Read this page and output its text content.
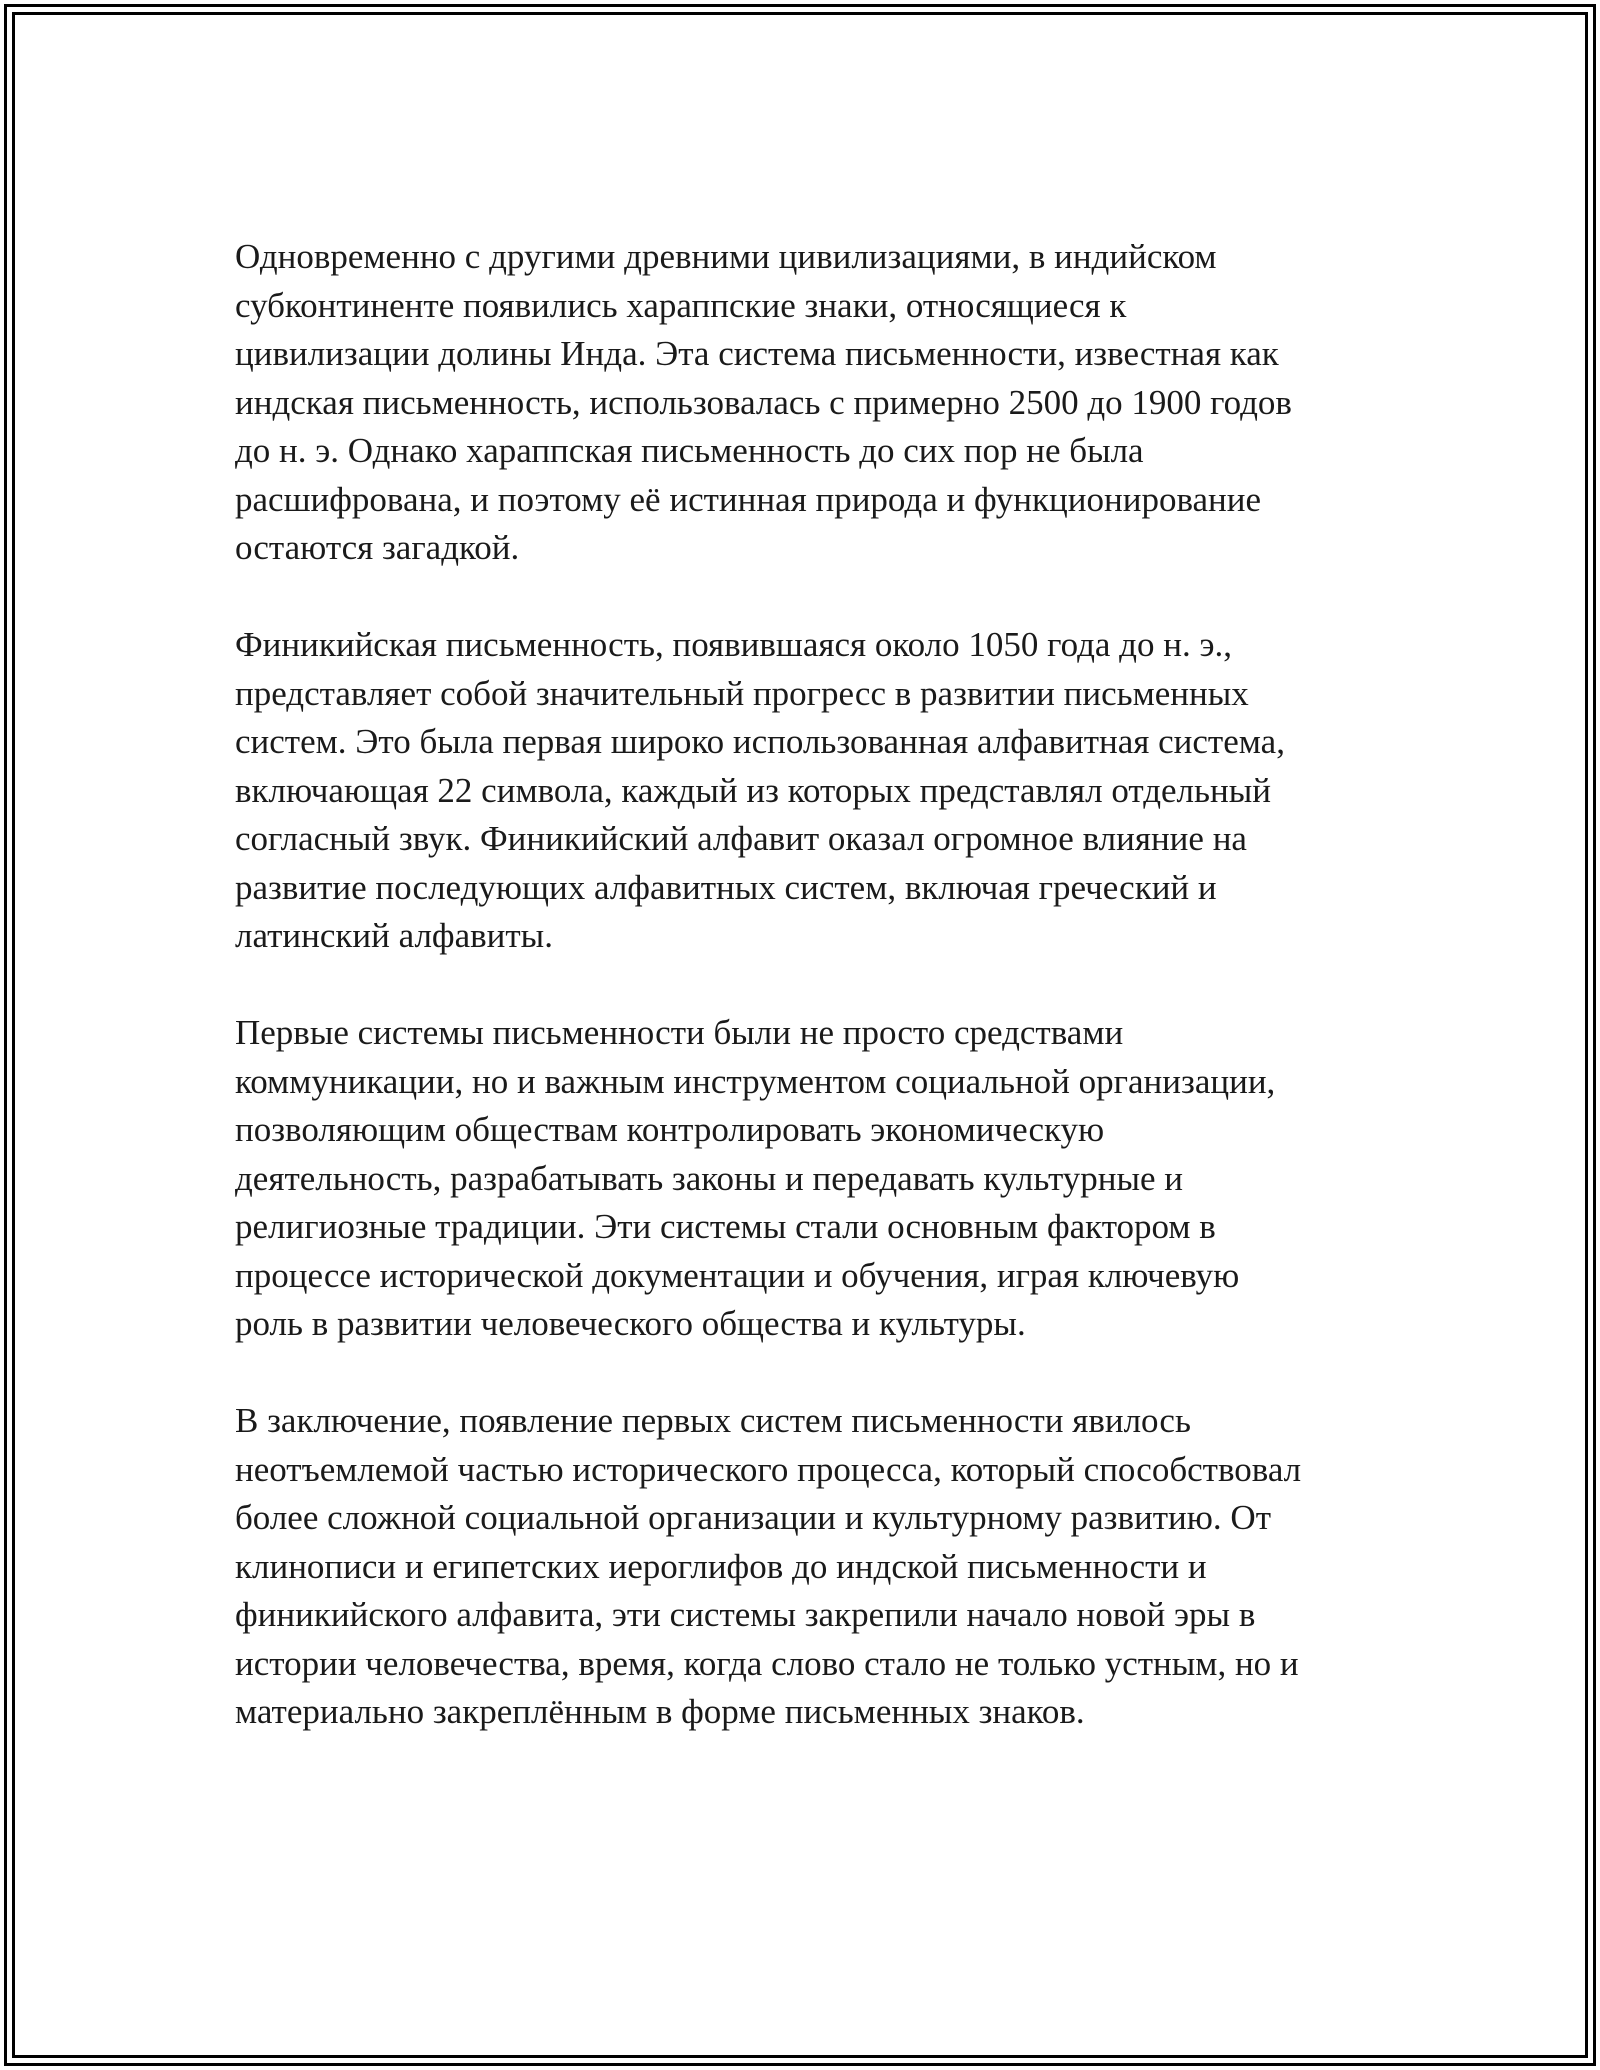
Одновременно с другими древними цивилизациями, в индийском
субконтиненте появились хараппские знаки, относящиеся к
цивилизации долины Инда. Эта система письменности, известная как
индская письменность, использовалась с примерно 2500 до 1900 годов
до н. э. Однако хараппская письменность до сих пор не была
расшифрована, и поэтому её истинная природа и функционирование
остаются загадкой.

Финикийская письменность, появившаяся около 1050 года до н. э.,
представляет собой значительный прогресс в развитии письменных
систем. Это была первая широко использованная алфавитная система,
включающая 22 символа, каждый из которых представлял отдельный
согласный звук. Финикийский алфавит оказал огромное влияние на
развитие последующих алфавитных систем, включая греческий и
латинский алфавиты.

Первые системы письменности были не просто средствами
коммуникации, но и важным инструментом социальной организации,
позволяющим обществам контролировать экономическую
деятельность, разрабатывать законы и передавать культурные и
религиозные традиции. Эти системы стали основным фактором в
процессе исторической документации и обучения, играя ключевую
роль в развитии человеческого общества и культуры.

В заключение, появление первых систем письменности явилось
неотъемлемой частью исторического процесса, который способствовал
более сложной социальной организации и культурному развитию. От
клинописи и египетских иероглифов до индской письменности и
финикийского алфавита, эти системы закрепили начало новой эры в
истории человечества, время, когда слово стало не только устным, но и
материально закреплённым в форме письменных знаков.
